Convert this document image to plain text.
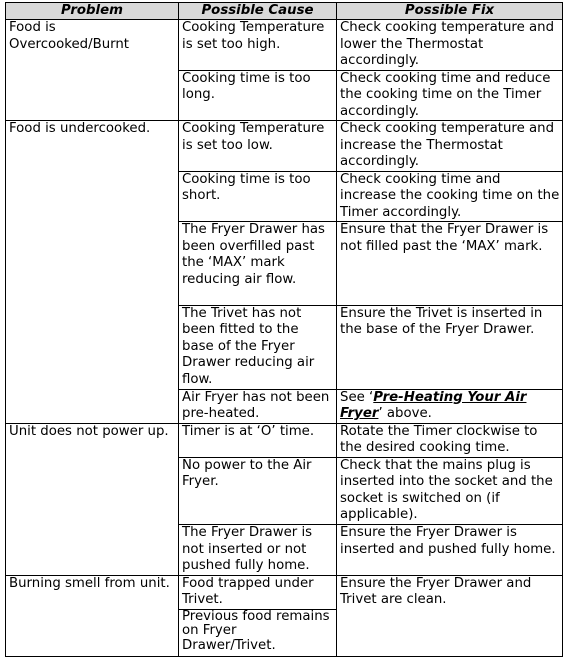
Problem	Possible Cause	Possible Fix
Food is Overcooked/Burnt	Cooking Temperature is set too high.	Check cooking temperature and lower the Thermostat accordingly.
	Cooking time is too long.	Check cooking time and reduce the cooking time on the Timer accordingly.
Food is undercooked.	Cooking Temperature is set too low.	Check cooking temperature and increase the Thermostat accordingly.
	Cooking time is too short.	Check cooking time and increase the cooking time on the Timer accordingly.
	The Fryer Drawer has been overfilled past the ‘MAX’ mark reducing air flow.	Ensure that the Fryer Drawer is not filled past the ‘MAX’ mark.
	The Trivet has not been fitted to the base of the Fryer Drawer reducing air flow.	Ensure the Trivet is inserted in the base of the Fryer Drawer.
	Air Fryer has not been pre-heated.	See ‘Pre-Heating Your Air Fryer’ above.
Unit does not power up.	Timer is at ‘O’ time.	Rotate the Timer clockwise to the desired cooking time.
	No power to the Air Fryer.	Check that the mains plug is inserted into the socket and the socket is switched on (if applicable).
	The Fryer Drawer is not inserted or not pushed fully home.	Ensure the Fryer Drawer is inserted and pushed fully home.
Burning smell from unit.	Food trapped under Trivet.	Ensure the Fryer Drawer and Trivet are clean.
	Previous food remains on Fryer Drawer/Trivet.	
